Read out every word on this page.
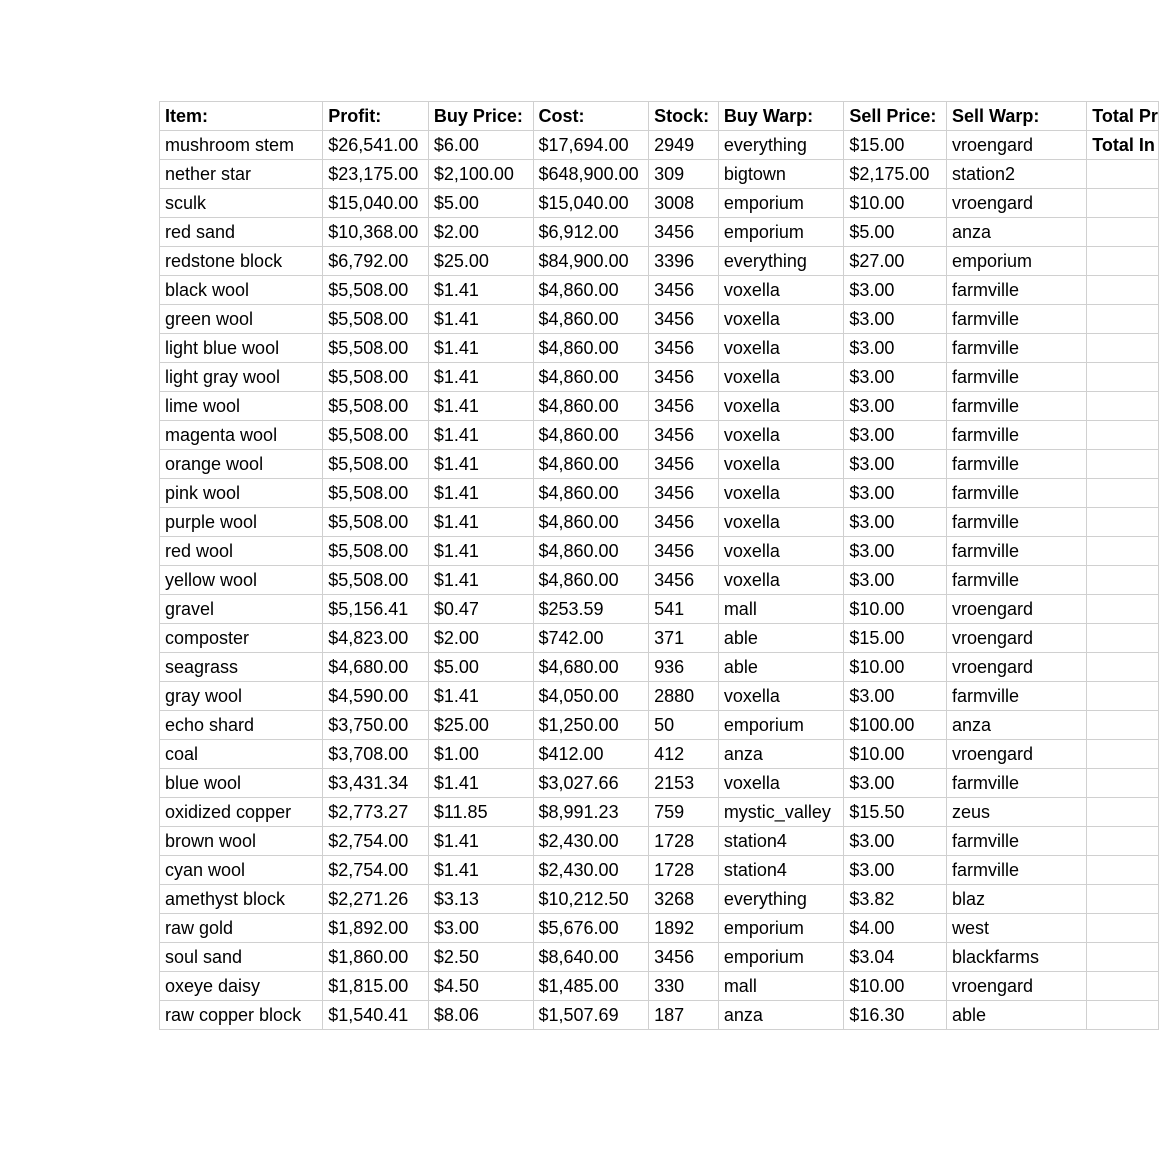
Item:	Profit:	Buy Price:	Cost:	Stock:	Buy Warp:	Sell Price:	Sell Warp:	Total Pr
mushroom stem	$26,541.00	$6.00	$17,694.00	2949	everything	$15.00	vroengard	Total In
nether star	$23,175.00	$2,100.00	$648,900.00	309	bigtown	$2,175.00	station2	
sculk	$15,040.00	$5.00	$15,040.00	3008	emporium	$10.00	vroengard	
red sand	$10,368.00	$2.00	$6,912.00	3456	emporium	$5.00	anza	
redstone block	$6,792.00	$25.00	$84,900.00	3396	everything	$27.00	emporium	
black wool	$5,508.00	$1.41	$4,860.00	3456	voxella	$3.00	farmville	
green wool	$5,508.00	$1.41	$4,860.00	3456	voxella	$3.00	farmville	
light blue wool	$5,508.00	$1.41	$4,860.00	3456	voxella	$3.00	farmville	
light gray wool	$5,508.00	$1.41	$4,860.00	3456	voxella	$3.00	farmville	
lime wool	$5,508.00	$1.41	$4,860.00	3456	voxella	$3.00	farmville	
magenta wool	$5,508.00	$1.41	$4,860.00	3456	voxella	$3.00	farmville	
orange wool	$5,508.00	$1.41	$4,860.00	3456	voxella	$3.00	farmville	
pink wool	$5,508.00	$1.41	$4,860.00	3456	voxella	$3.00	farmville	
purple wool	$5,508.00	$1.41	$4,860.00	3456	voxella	$3.00	farmville	
red wool	$5,508.00	$1.41	$4,860.00	3456	voxella	$3.00	farmville	
yellow wool	$5,508.00	$1.41	$4,860.00	3456	voxella	$3.00	farmville	
gravel	$5,156.41	$0.47	$253.59	541	mall	$10.00	vroengard	
composter	$4,823.00	$2.00	$742.00	371	able	$15.00	vroengard	
seagrass	$4,680.00	$5.00	$4,680.00	936	able	$10.00	vroengard	
gray wool	$4,590.00	$1.41	$4,050.00	2880	voxella	$3.00	farmville	
echo shard	$3,750.00	$25.00	$1,250.00	50	emporium	$100.00	anza	
coal	$3,708.00	$1.00	$412.00	412	anza	$10.00	vroengard	
blue wool	$3,431.34	$1.41	$3,027.66	2153	voxella	$3.00	farmville	
oxidized copper	$2,773.27	$11.85	$8,991.23	759	mystic_valley	$15.50	zeus	
brown wool	$2,754.00	$1.41	$2,430.00	1728	station4	$3.00	farmville	
cyan wool	$2,754.00	$1.41	$2,430.00	1728	station4	$3.00	farmville	
amethyst block	$2,271.26	$3.13	$10,212.50	3268	everything	$3.82	blaz	
raw gold	$1,892.00	$3.00	$5,676.00	1892	emporium	$4.00	west	
soul sand	$1,860.00	$2.50	$8,640.00	3456	emporium	$3.04	blackfarms	
oxeye daisy	$1,815.00	$4.50	$1,485.00	330	mall	$10.00	vroengard	
raw copper block	$1,540.41	$8.06	$1,507.69	187	anza	$16.30	able	
